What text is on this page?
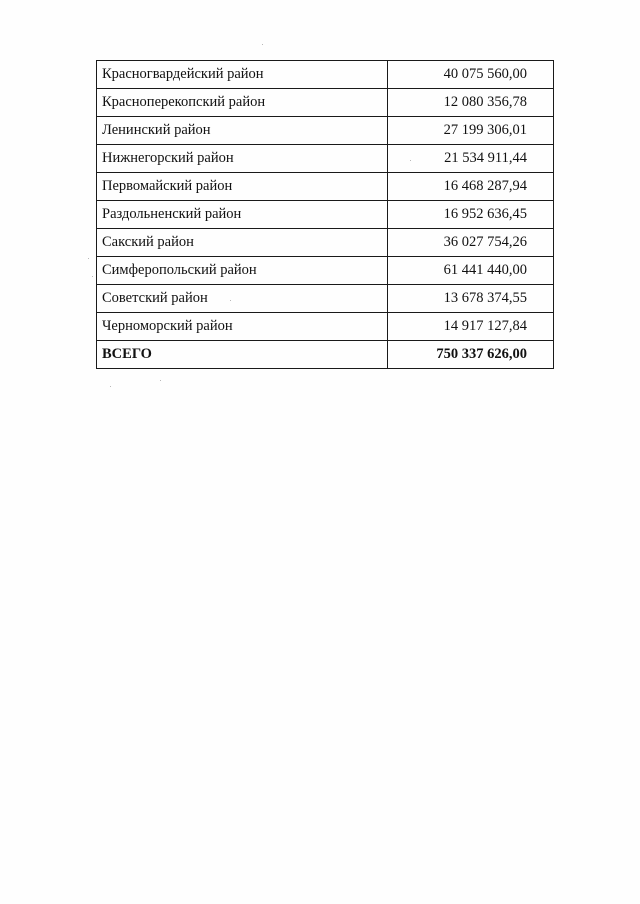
Красногвардейский район	40 075 560,00
Красноперекопский район	12 080 356,78
Ленинский район	27 199 306,01
Нижнегорский район	21 534 911,44
Первомайский район	16 468 287,94
Раздольненский район	16 952 636,45
Сакский район	36 027 754,26
Симферопольский район	61 441 440,00
Советский район	13 678 374,55
Черноморский район	14 917 127,84
ВСЕГО	750 337 626,00
